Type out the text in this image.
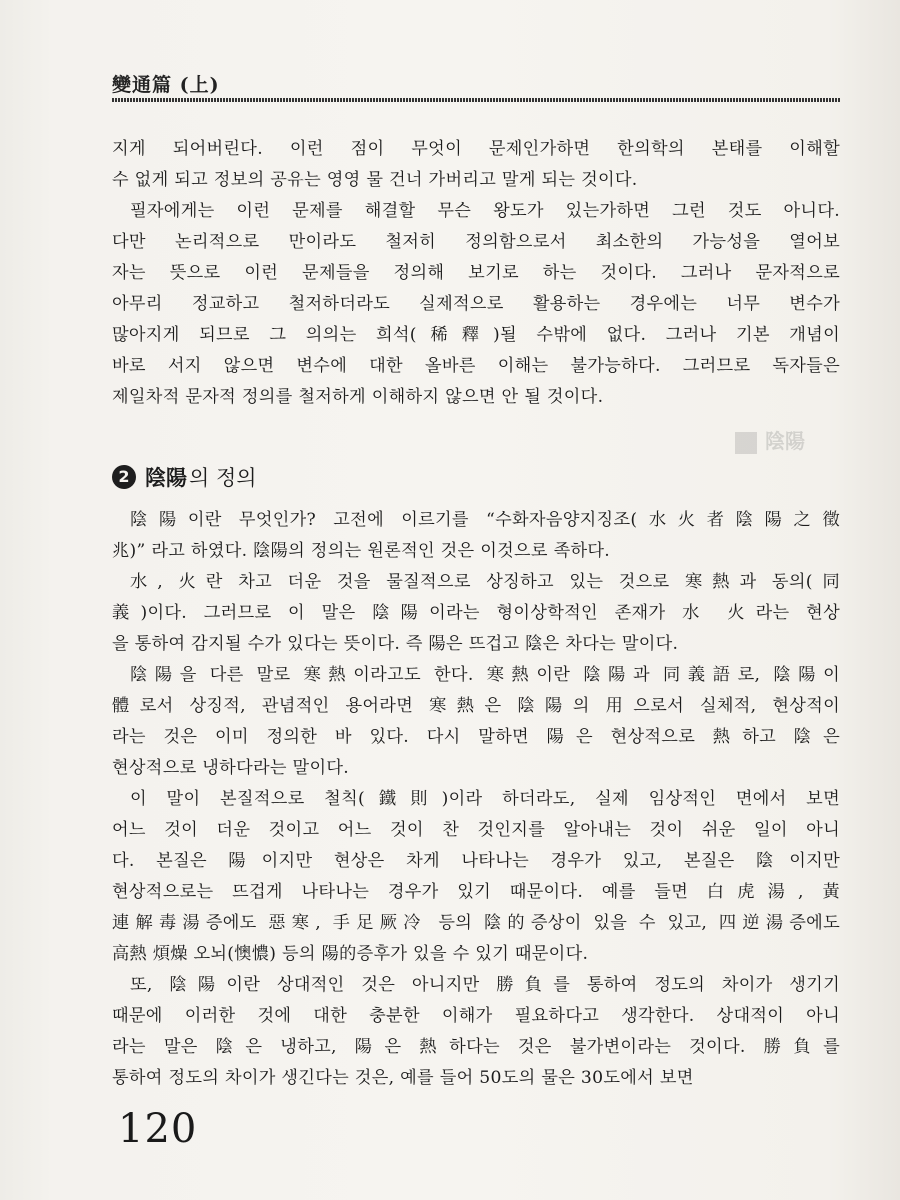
變通篇 (上)
陰陽
지게 되어버린다. 이런 점이 무엇이 문제인가하면 한의학의 본태를 이해할
수 없게 되고 정보의 공유는 영영 물 건너 가버리고 말게 되는 것이다.
필자에게는 이런 문제를 해결할 무슨 왕도가 있는가하면 그런 것도 아니다.
다만 논리적으로 만이라도 철저히 정의함으로서 최소한의 가능성을 열어보
자는 뜻으로 이런 문제들을 정의해 보기로 하는 것이다. 그러나 문자적으로
아무리 정교하고 철저하더라도 실제적으로 활용하는 경우에는 너무 변수가
많아지게 되므로 그 의의는 희석(稀釋)될 수밖에 없다. 그러나 기본 개념이
바로 서지 않으면 변수에 대한 올바른 이해는 불가능하다. 그러므로 독자들은
제일차적 문자적 정의를 철저하게 이해하지 않으면 안 될 것이다.
2 陰陽 의 정의
陰陽이란 무엇인가? 고전에 이르기를 “수화자음양지징조(水火者陰陽之徵
兆)” 라고 하였다. 陰陽의 정의는 원론적인 것은 이것으로 족하다.
水, 火란 차고 더운 것을 물질적으로 상징하고 있는 것으로 寒熱과 동의(同
義)이다. 그러므로 이 말은 陰陽이라는 형이상학적인 존재가 水 火라는 현상
을 통하여 감지될 수가 있다는 뜻이다. 즉 陽은 뜨겁고 陰은 차다는 말이다.
陰陽을 다른 말로 寒熱이라고도 한다. 寒熱이란 陰陽과 同義語로, 陰陽이
體로서 상징적, 관념적인 용어라면 寒熱은 陰陽의 用으로서 실체적, 현상적이
라는 것은 이미 정의한 바 있다. 다시 말하면 陽은 현상적으로 熱하고 陰은
현상적으로 냉하다라는 말이다.
이 말이 본질적으로 철칙(鐵則)이라 하더라도, 실제 임상적인 면에서 보면
어느 것이 더운 것이고 어느 것이 찬 것인지를 알아내는 것이 쉬운 일이 아니
다. 본질은 陽이지만 현상은 차게 나타나는 경우가 있고, 본질은 陰이지만
현상적으로는 뜨겁게 나타나는 경우가 있기 때문이다. 예를 들면 白虎湯, 黃
連解毒湯증에도 惡寒, 手足厥冷 등의 陰的증상이 있을 수 있고, 四逆湯증에도
高熱 煩燥 오뇌(懊憹) 등의 陽的증후가 있을 수 있기 때문이다.
또, 陰陽이란 상대적인 것은 아니지만 勝負를 통하여 정도의 차이가 생기기
때문에 이러한 것에 대한 충분한 이해가 필요하다고 생각한다. 상대적이 아니
라는 말은 陰은 냉하고, 陽은 熱하다는 것은 불가변이라는 것이다. 勝負를
통하여 정도의 차이가 생긴다는 것은, 예를 들어 50도의 물은 30도에서 보면
120
